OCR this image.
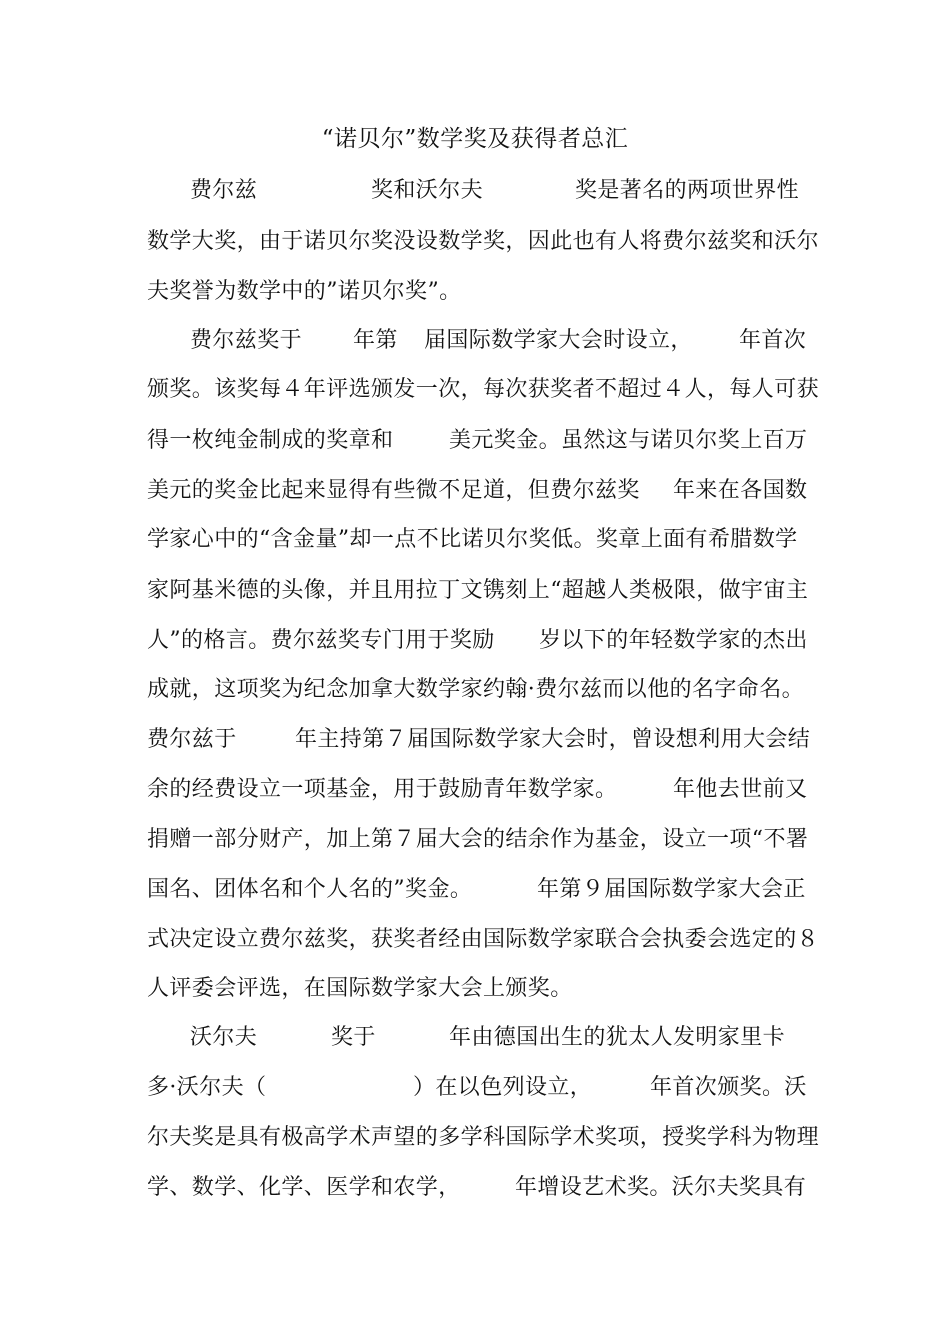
“诺贝尔”数学奖及获得者总汇
费尔兹	奖和沃尔夫	奖是著名的两项世界性
数学大奖，由于诺贝尔奖没设数学奖，因此也有人将费尔兹奖和沃尔
夫奖誉为数学中的”诺贝尔奖”。
费尔兹奖于 年第 届国际数学家大会时设立， 年首次
颁奖。该奖每４年评选颁发一次，每次获奖者不超过４人，每人可获
得一枚纯金制成的奖章和	美元奖金。虽然这与诺贝尔奖上百万
美元的奖金比起来显得有些微不足道，但费尔兹奖 年来在各国数
学家心中的“含金量”却一点不比诺贝尔奖低。奖章上面有希腊数学
家阿基米德的头像，并且用拉丁文镌刻上“超越人类极限，做宇宙主
人”的格言。费尔兹奖专门用于奖励 岁以下的年轻数学家的杰出
成就，这项奖为纪念加拿大数学家约翰·费尔兹而以他的名字命名。
费尔兹于	年主持第７届国际数学家大会时，曾设想利用大会结
余的经费设立一项基金，用于鼓励青年数学家。	年他去世前又
捐赠一部分财产，加上第７届大会的结余作为基金，设立一项“不署
国名、团体名和个人名的”奖金。	年第９届国际数学家大会正
式决定设立费尔兹奖，获奖者经由国际数学家联合会执委会选定的８
人评委会评选，在国际数学家大会上颁奖。
沃尔夫	奖于	年由德国出生的犹太人发明家里卡
多·沃尔夫（	）在以色列设立，	年首次颁奖。沃
尔夫奖是具有极高学术声望的多学科国际学术奖项，授奖学科为物理
学、数学、化学、医学和农学， 年增设艺术奖。沃尔夫奖具有
